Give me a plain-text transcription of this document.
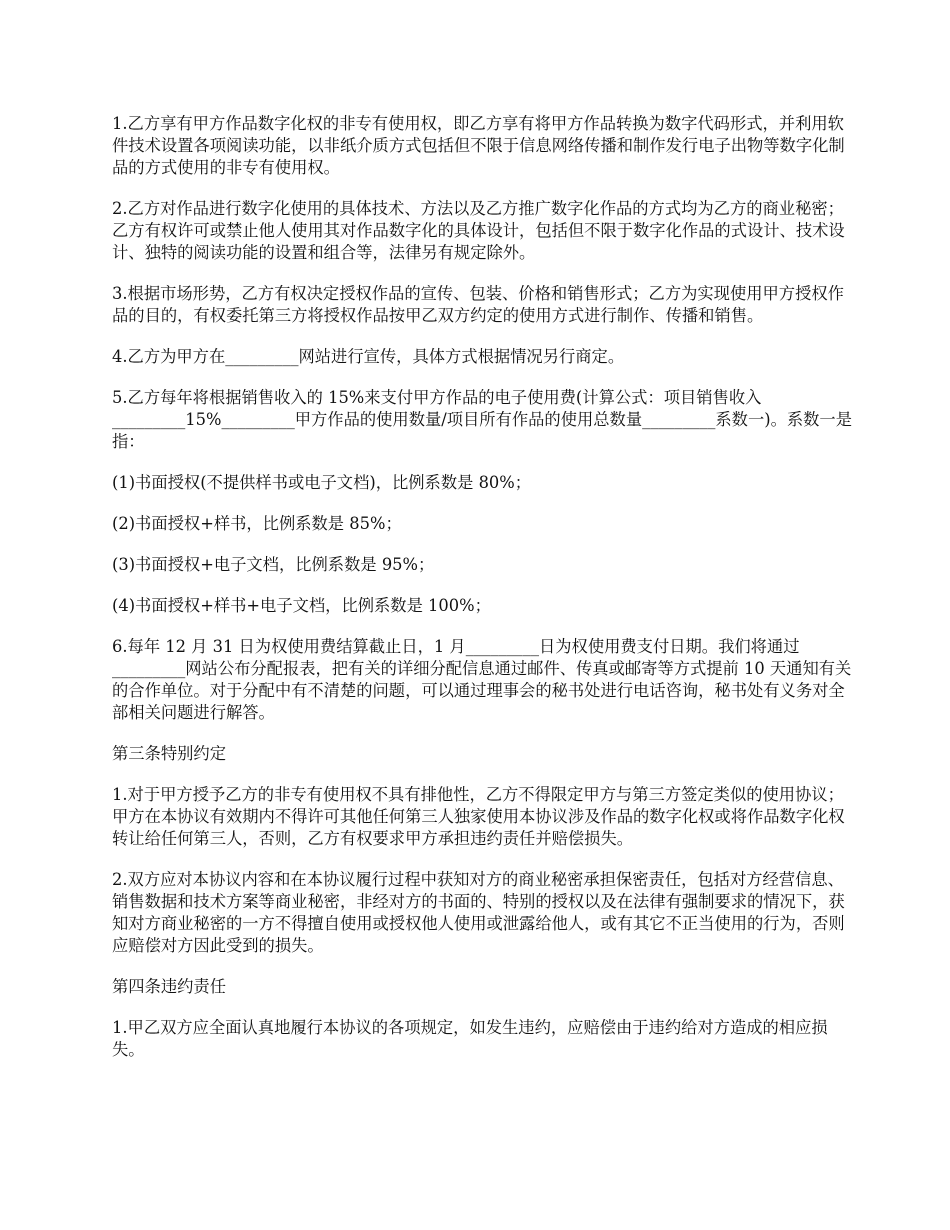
1.乙方享有甲方作品数字化权的非专有使用权，即乙方享有将甲方作品转换为数字代码形式，并利用软件技术设置各项阅读功能，以非纸介质方式包括但不限于信息网络传播和制作发行电子出物等数字化制品的方式使用的非专有使用权。

2.乙方对作品进行数字化使用的具体技术、方法以及乙方推广数字化作品的方式均为乙方的商业秘密；乙方有权许可或禁止他人使用其对作品数字化的具体设计，包括但不限于数字化作品的式设计、技术设计、独特的阅读功能的设置和组合等，法律另有规定除外。

3.根据市场形势，乙方有权决定授权作品的宣传、包装、价格和销售形式；乙方为实现使用甲方授权作品的目的，有权委托第三方将授权作品按甲乙双方约定的使用方式进行制作、传播和销售。

4.乙方为甲方在_________网站进行宣传，具体方式根据情况另行商定。

5.乙方每年将根据销售收入的 15%来支付甲方作品的电子使用费(计算公式：项目销售收入_________15%_________甲方作品的使用数量/项目所有作品的使用总数量_________系数一)。系数一是指：

(1)书面授权(不提供样书或电子文档)，比例系数是 80%；

(2)书面授权+样书，比例系数是 85%；

(3)书面授权+电子文档，比例系数是 95%；

(4)书面授权+样书+电子文档，比例系数是 100%；

6.每年 12 月 31 日为权使用费结算截止日，1 月_________日为权使用费支付日期。我们将通过_________网站公布分配报表，把有关的详细分配信息通过邮件、传真或邮寄等方式提前 10 天通知有关的合作单位。对于分配中有不清楚的问题，可以通过理事会的秘书处进行电话咨询，秘书处有义务对全部相关问题进行解答。

第三条特别约定

1.对于甲方授予乙方的非专有使用权不具有排他性，乙方不得限定甲方与第三方签定类似的使用协议；甲方在本协议有效期内不得许可其他任何第三人独家使用本协议涉及作品的数字化权或将作品数字化权转让给任何第三人，否则，乙方有权要求甲方承担违约责任并赔偿损失。

2.双方应对本协议内容和在本协议履行过程中获知对方的商业秘密承担保密责任，包括对方经营信息、销售数据和技术方案等商业秘密，非经对方的书面的、特别的授权以及在法律有强制要求的情况下，获知对方商业秘密的一方不得擅自使用或授权他人使用或泄露给他人，或有其它不正当使用的行为，否则应赔偿对方因此受到的损失。

第四条违约责任

1.甲乙双方应全面认真地履行本协议的各项规定，如发生违约，应赔偿由于违约给对方造成的相应损失。
